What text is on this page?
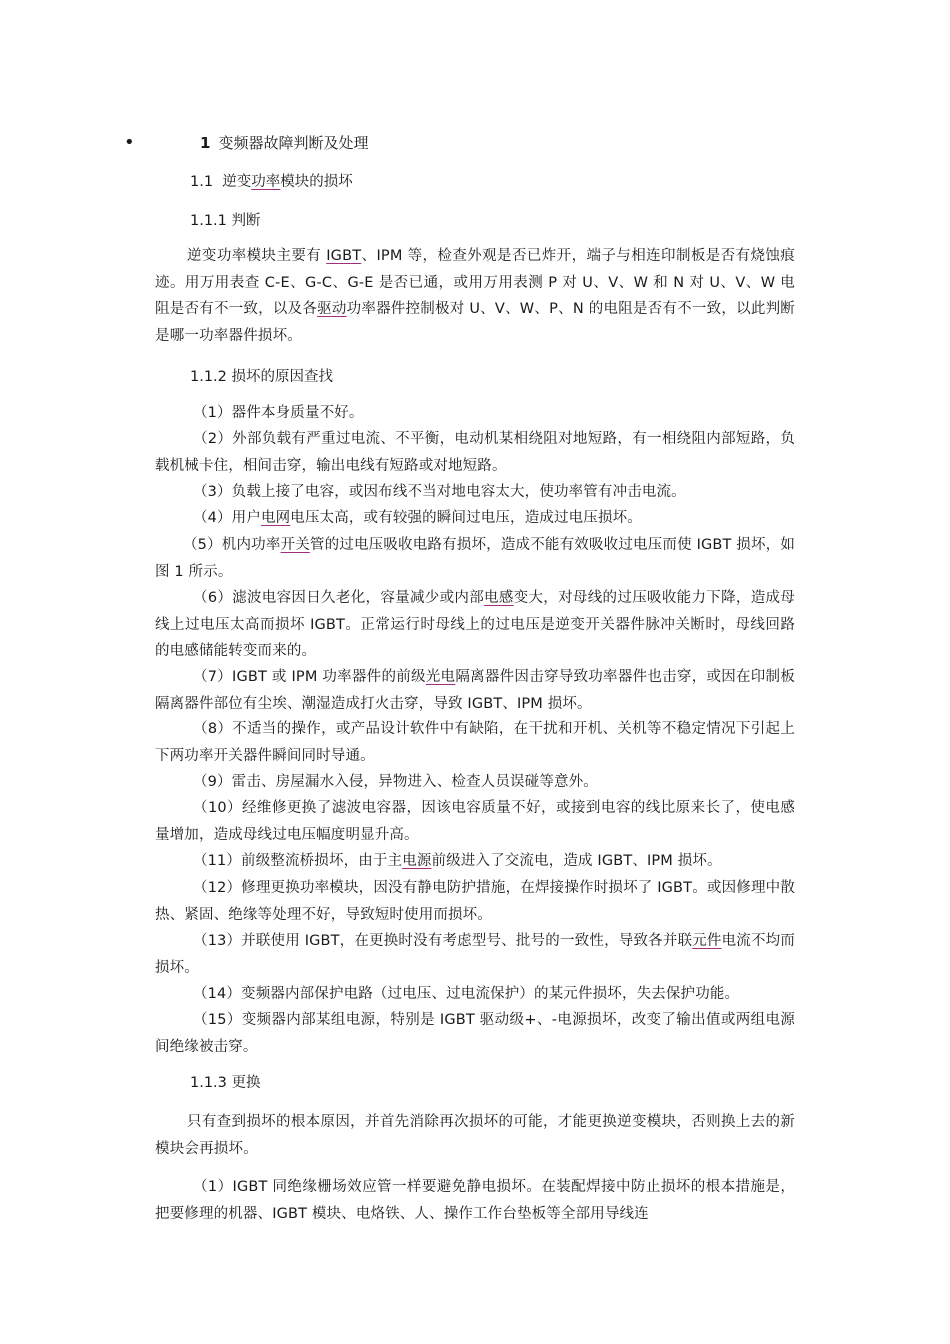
•	1 变频器故障判断及处理
1.1 逆变功率模块的损坏
1.1.1 判断
逆变功率模块主要有 IGBT、IPM 等，检查外观是否已炸开，端子与相连印制板是否有烧蚀痕迹。用万用表查 C-E、G-C、G-E 是否已通，或用万用表测 P 对 U、V、W 和 N 对 U、V、W 电阻是否有不一致，以及各驱动功率器件控制极对 U、V、W、P、N 的电阻是否有不一致，以此判断是哪一功率器件损坏。
1.1.2 损坏的原因查找
（1）器件本身质量不好。
（2）外部负载有严重过电流、不平衡，电动机某相绕阻对地短路，有一相绕阻内部短路，负载机械卡住，相间击穿，输出电线有短路或对地短路。
（3）负载上接了电容，或因布线不当对地电容太大，使功率管有冲击电流。
（4）用户电网电压太高，或有较强的瞬间过电压，造成过电压损坏。
（5）机内功率开关管的过电压吸收电路有损坏，造成不能有效吸收过电压而使 IGBT 损坏，如图 1 所示。
（6）滤波电容因日久老化，容量减少或内部电感变大，对母线的过压吸收能力下降，造成母线上过电压太高而损坏 IGBT。正常运行时母线上的过电压是逆变开关器件脉冲关断时，母线回路的电感储能转变而来的。
（7）IGBT 或 IPM 功率器件的前级光电隔离器件因击穿导致功率器件也击穿，或因在印制板隔离器件部位有尘埃、潮湿造成打火击穿，导致 IGBT、IPM 损坏。
（8）不适当的操作，或产品设计软件中有缺陷，在干扰和开机、关机等不稳定情况下引起上下两功率开关器件瞬间同时导通。
（9）雷击、房屋漏水入侵，异物进入、检查人员误碰等意外。
（10）经维修更换了滤波电容器，因该电容质量不好，或接到电容的线比原来长了，使电感量增加，造成母线过电压幅度明显升高。
（11）前级整流桥损坏，由于主电源前级进入了交流电，造成 IGBT、IPM 损坏。
（12）修理更换功率模块，因没有静电防护措施，在焊接操作时损坏了 IGBT。或因修理中散热、紧固、绝缘等处理不好，导致短时使用而损坏。
（13）并联使用 IGBT，在更换时没有考虑型号、批号的一致性，导致各并联元件电流不均而损坏。
（14）变频器内部保护电路（过电压、过电流保护）的某元件损坏，失去保护功能。
（15）变频器内部某组电源，特别是 IGBT 驱动级+、-电源损坏，改变了输出值或两组电源间绝缘被击穿。
1.1.3 更换
只有查到损坏的根本原因，并首先消除再次损坏的可能，才能更换逆变模块，否则换上去的新模块会再损坏。
（1）IGBT 同绝缘栅场效应管一样要避免静电损坏。在装配焊接中防止损坏的根本措施是，把要修理的机器、IGBT 模块、电烙铁、人、操作工作台垫板等全部用导线连
